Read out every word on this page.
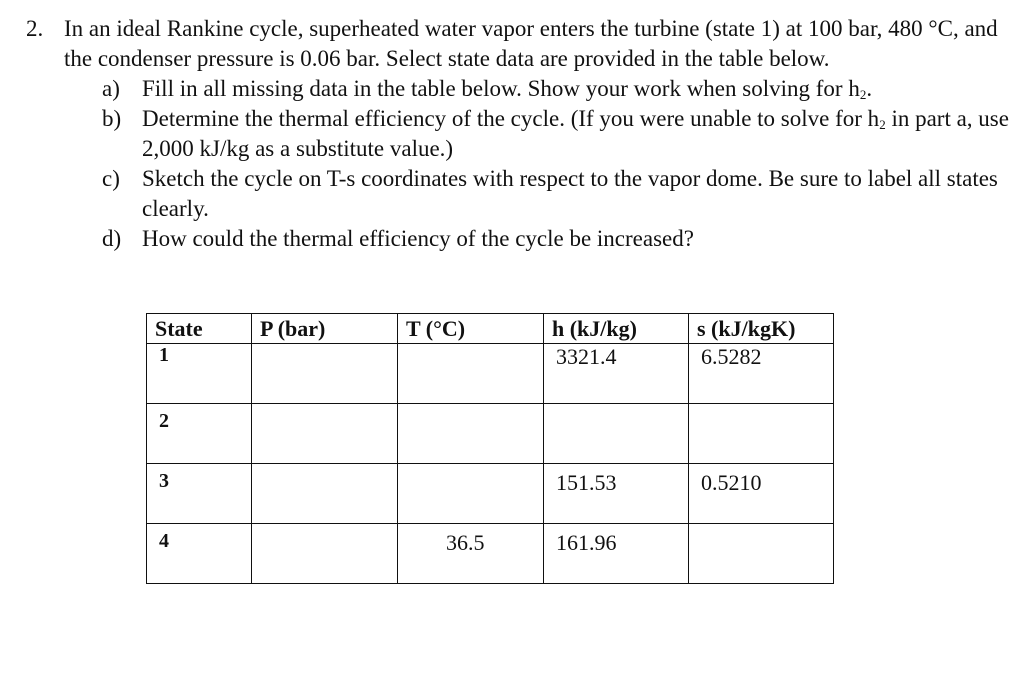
2. In an ideal Rankine cycle, superheated water vapor enters the turbine (state 1) at 100 bar, 480 °C, and the condenser pressure is 0.06 bar. Select state data are provided in the table below.
a) Fill in all missing data in the table below. Show your work when solving for $h_2$.
b) Determine the thermal efficiency of the cycle. (If you were unable to solve for $h_2$ in part a, use 2,000 kJ/kg as a substitute value.)
c) Sketch the cycle on T-s coordinates with respect to the vapor dome. Be sure to label all states clearly.
d) How could the thermal efficiency of the cycle be increased?
State	P (bar)	T (°C)	h (kJ/kg)	s (kJ/kgK)
1			3321.4	6.5282
2				
3			151.53	0.5210
4		36.5	161.96	
